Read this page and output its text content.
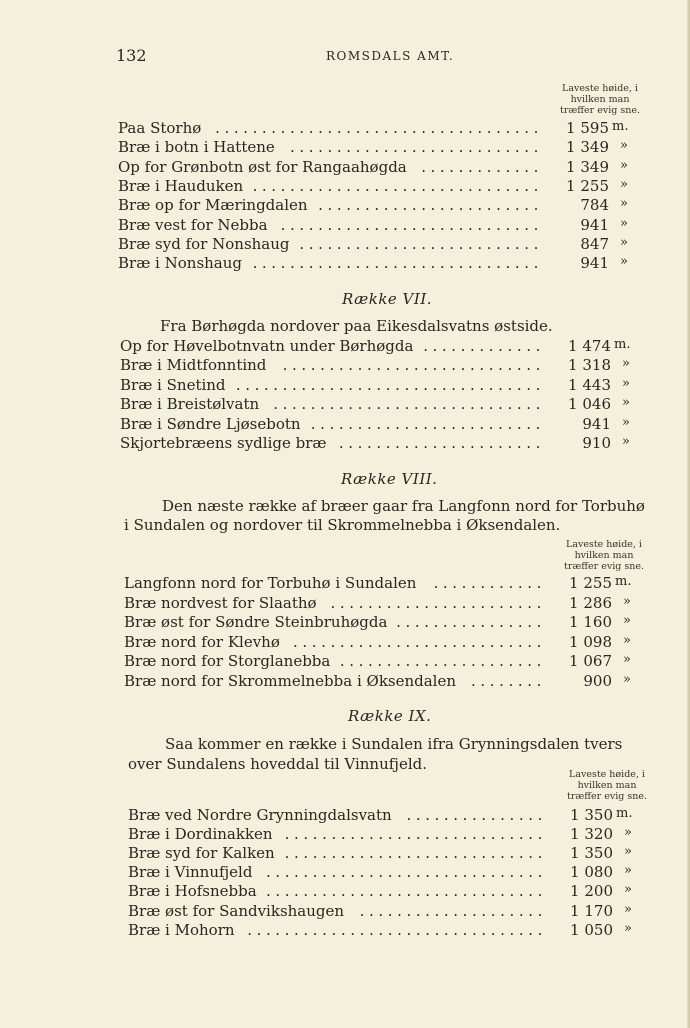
132	ROMSDALS AMT.
Laveste høide, i
hvilken man
træffer evig sne.
Paa Storhø ...................................	1 595 m.
Bræ i botn i Hattene	...........................	1 349 »
Op for Grønbotn øst for Rangaahøgda .............	1 349 »
Bræ i Hauduken ...............................	1 255 »
Bræ op for Mæringdalen ........................	784 »
Bræ vest for Nebba ............................	941 »
Bræ syd for Nonshaug ..........................	847 »
Bræ i Nonshaug ...............................	941 »
Række VII.
Fra Børhøgda nordover paa Eikesdalsvatns østside.
Op for Høvelbotnvatn under Børhøgda .............	1 474 m.
Bræ i Midtfonntind	............................	1 318 »
Bræ i Snetind .................................	1 443 »
Bræ i Breistølvatn .............................	1 046 »
Bræ i Søndre Ljøsebotn .........................	941 »
Skjortebræens sydlige bræ ......................	910 »
Række VIII.
Den næste række af bræer gaar fra Langfonn nord for Torbuhø
i Sundalen og nordover til Skrommelnebba i Øksendalen.
Laveste høide, i
hvilken man
træffer evig sne.
Langfonn nord for Torbuhø i Sundalen	............	1 255 m.
Bræ nordvest for Slaathø .......................	1 286 »
Bræ øst for Søndre Steinbruhøgda ................	1 160 »
Bræ nord for Klevhø ...........................	1 098 »
Bræ nord for Storglanebba ......................	1 067 »
Bræ nord for Skrommelnebba i Øksendalen	........	900 »
Række IX.
Saa kommer en række i Sundalen ifra Grynningsdalen tvers
over Sundalens hoveddal til Vinnufjeld.
Laveste høide, i
hvilken man
træffer evig sne.
Bræ ved Nordre Grynningdalsvatn ...............	1 350 m.
Bræ i Dordinakken ............................	1 320 »
Bræ syd for Kalken ............................	1 350 »
Bræ i Vinnufjeld ..............................	1 080 »
Bræ i Hofsnebba ..............................	1 200 »
Bræ øst for Sandvikshaugen	....................	1 170 »
Bræ i Mohorn ................................	1 050 »
